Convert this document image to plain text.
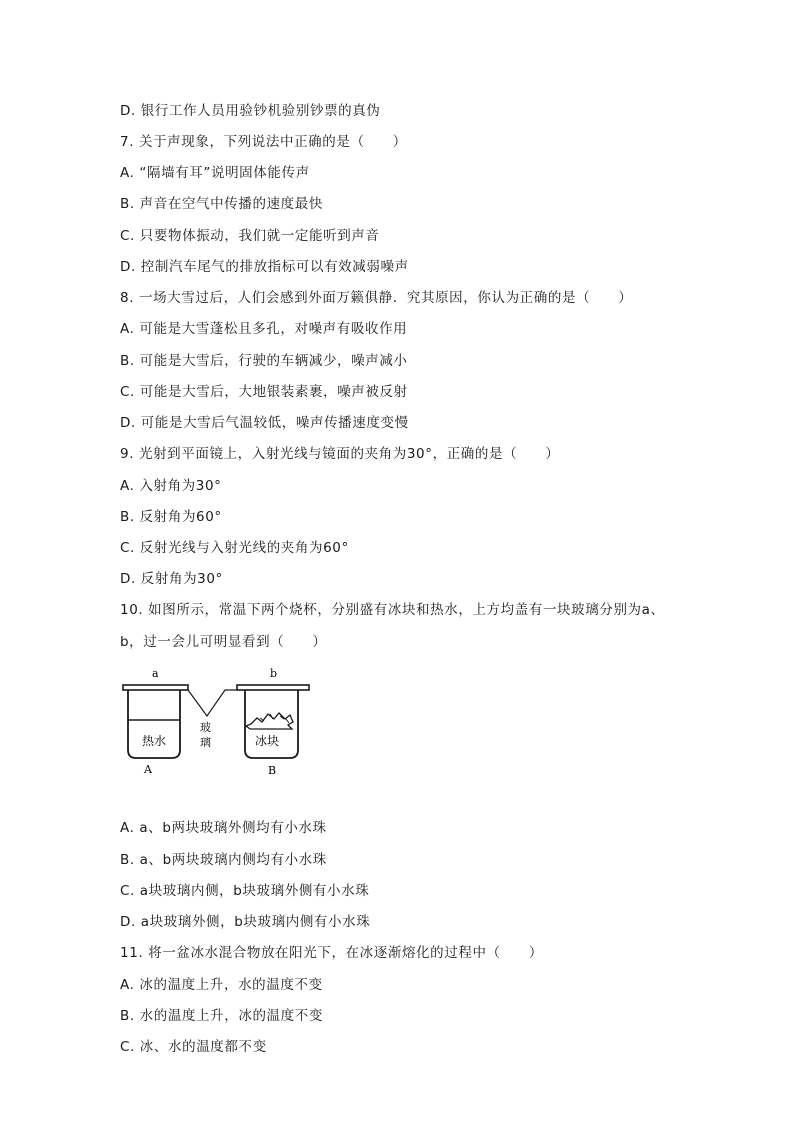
D. 银行工作人员用验钞机验别钞票的真伪
7. 关于声现象，下列说法中正确的是（　　）
A. “隔墙有耳”说明固体能传声
B. 声音在空气中传播的速度最快
C. 只要物体振动，我们就一定能听到声音
D. 控制汽车尾气的排放指标可以有效减弱噪声
8. 一场大雪过后，人们会感到外面万籁俱静．究其原因，你认为正确的是（　　）
A. 可能是大雪蓬松且多孔，对噪声有吸收作用
B. 可能是大雪后，行驶的车辆减少，噪声减小
C. 可能是大雪后，大地银装素裹，噪声被反射
D. 可能是大雪后气温较低，噪声传播速度变慢
9. 光射到平面镜上，入射光线与镜面的夹角为30°，正确的是（　　）
A. 入射角为30°
B. 反射角为60°
C. 反射光线与入射光线的夹角为60°
D. 反射角为30°
10. 如图所示，常温下两个烧杯，分别盛有冰块和热水，上方均盖有一块玻璃分别为a、
b，过一会儿可明显看到（　　）
a	b
热水	冰块
玻
璃
A	B
A. a、b两块玻璃外侧均有小水珠
B. a、b两块玻璃内侧均有小水珠
C. a块玻璃内侧，b块玻璃外侧有小水珠
D. a块玻璃外侧，b块玻璃内侧有小水珠
11. 将一盆冰水混合物放在阳光下，在冰逐渐熔化的过程中（　　）
A. 冰的温度上升，水的温度不变
B. 水的温度上升，冰的温度不变
C. 冰、水的温度都不变
